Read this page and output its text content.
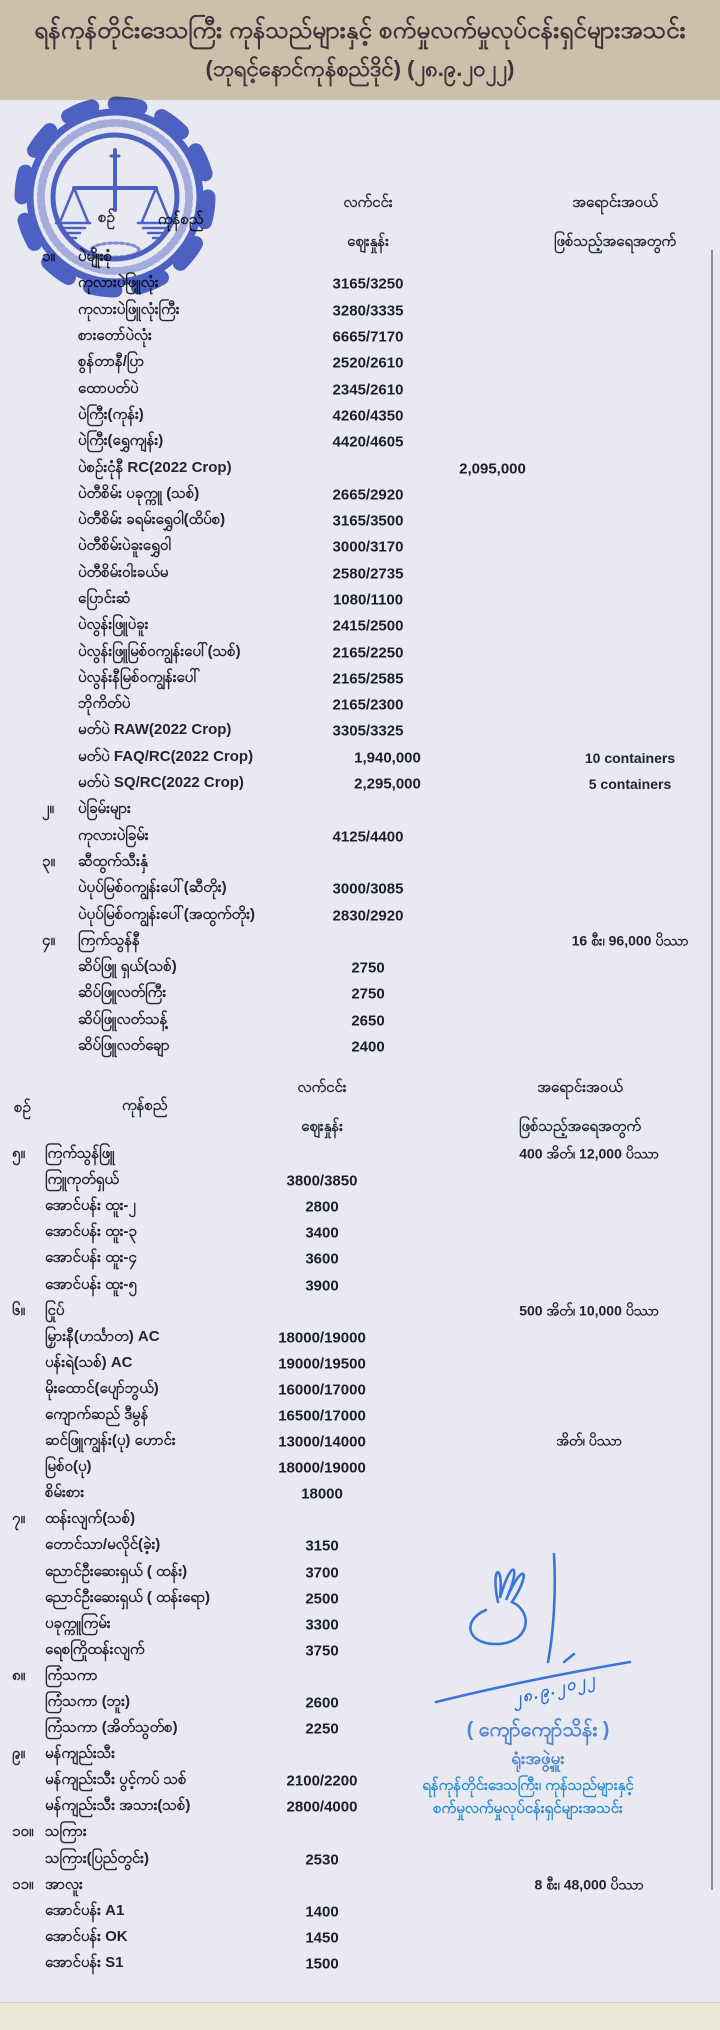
ရန်ကုန်တိုင်းဒေသကြီး ကုန်သည်များနှင့် စက်မှုလက်မှုလုပ်ငန်းရှင်များအသင်း
(ဘုရင့်နောင်ကုန်စည်ဒိုင်) (၂၈.၉.၂၀၂၂)
စဉ်	ကုန်စည်
လက်ငင်း
ဈေးနှုန်း
အရောင်းအဝယ်
ဖြစ်သည့်အရေအတွက်
၁။ ပဲမျိုးစုံ
ကုလားပဲဖြူလုံး	3165/3250
ကုလားပဲဖြူလုံးကြီး	3280/3335
စားတော်ပဲလုံး	6665/7170
စွန်တာနီ/ပြာ	2520/2610
ထောပတ်ပဲ	2345/2610
ပဲကြီး(ကုန်း)	4260/4350
ပဲကြီး(ရွှေကျန်း)	4420/4605
ပဲစဉ်းငုံနီ RC(2022 Crop)	2,095,000
ပဲတီစိမ်း ပခုက္ကူ (သစ်)	2665/2920
ပဲတီစိမ်း ခရမ်းရွှေဝါ(ထိပ်စ)	3165/3500
ပဲတီစိမ်းပဲခူးရွှေဝါ	3000/3170
ပဲတီစိမ်းဝါးခယ်မ	2580/2735
ပြောင်းဆံ	1080/1100
ပဲလွန်းဖြူပဲခူး	2415/2500
ပဲလွန်းဖြူမြစ်ဝကျွန်းပေါ်(သစ်)	2165/2250
ပဲလွန်းနီမြစ်ဝကျွန်းပေါ်	2165/2585
ဘိုကိတ်ပဲ	2165/2300
မတ်ပဲ RAW(2022 Crop)	3305/3325
မတ်ပဲ FAQ/RC(2022 Crop)	1,940,000	10 containers
မတ်ပဲ SQ/RC(2022 Crop)	2,295,000	5 containers
၂။ ပဲခြမ်းများ
ကုလားပဲခြမ်း	4125/4400
၃။ ဆီထွက်သီးနှံ
ပဲပုပ်မြစ်ဝကျွန်းပေါ်(ဆီတိုး)	3000/3085
ပဲပုပ်မြစ်ဝကျွန်းပေါ်(အထွက်တိုး)	2830/2920
၄။ ကြက်သွန်နီ	16 စီး၊ 96,000 ပိဿာ
ဆိပ်ဖြူ ရှယ်(သစ်)	2750
ဆိပ်ဖြူလတ်ကြီး	2750
ဆိပ်ဖြူလတ်သန့်	2650
ဆိပ်ဖြူလတ်ချော	2400
စဉ်	ကုန်စည်
လက်ငင်း
ဈေးနှုန်း
အရောင်းအဝယ်
ဖြစ်သည့်အရေအတွက်
၅။ ကြက်သွန်ဖြူ	400 အိတ်၊ 12,000 ပိဿာ
ကြူကုတ်ရှယ်	3800/3850
အောင်ပန်း ထူး-၂	2800
အောင်ပန်း ထူး-၃	3400
အောင်ပန်း ထူး-၄	3600
အောင်ပန်း ထူး-၅	3900
၆။ ငြုပ်	500 အိတ်၊ 10,000 ပိဿာ
မြှားနီ(ဟင်္သာတ) AC	18000/19000
ပန်းရဲ(သစ်) AC	19000/19500
မိုးထောင်(ပျော်ဘွယ်)	16000/17000
ကျောက်ဆည် ဒီမွန်	16500/17000
ဆင်ဖြူကျွန်း(ပု) ဟောင်း	13000/14000	အိတ်၊ ပိဿာ
မြစ်ဝ(ပု)	18000/19000
စိမ်းစား	18000
၇။ ထန်းလျက်(သစ်)
တောင်သာ/မလိုင်(ခဲ့း)	3150
ညောင်ဦးဆေးရှယ် ( ထန်း)	3700
ညောင်ဦးဆေးရှယ် ( ထန်းရော)	2500
ပခုက္ကူကြမ်း	3300
ရေစကြိုထန်းလျက်	3750
၈။ ကြံသကာ
ကြံသကာ (ဘူး)	2600
ကြံသကာ (အိတ်သွတ်စ)	2250
၉။ မန်ကျည်းသီး
မန်ကျည်းသီး ပွင့်ကပ် သစ်	2100/2200
မန်ကျည်းသီး အသား(သစ်)	2800/4000
၁၀။ သကြား
သကြား(ပြည်တွင်း)	2530
၁၁။ အာလူး	8 စီး၊ 48,000 ပိဿာ
အောင်ပန်း A1	1400
အောင်ပန်း OK	1450
အောင်ပန်း S1	1500
၂၈.၉.၂၀၂၂
( ကျော်ကျော်သိန်း )
ရုံးအဖွဲ့မှူး
ရန်ကုန်တိုင်းဒေသကြီး၊ ကုန်သည်များနှင့်
စက်မှုလက်မှုလုပ်ငန်းရှင်များအသင်း
